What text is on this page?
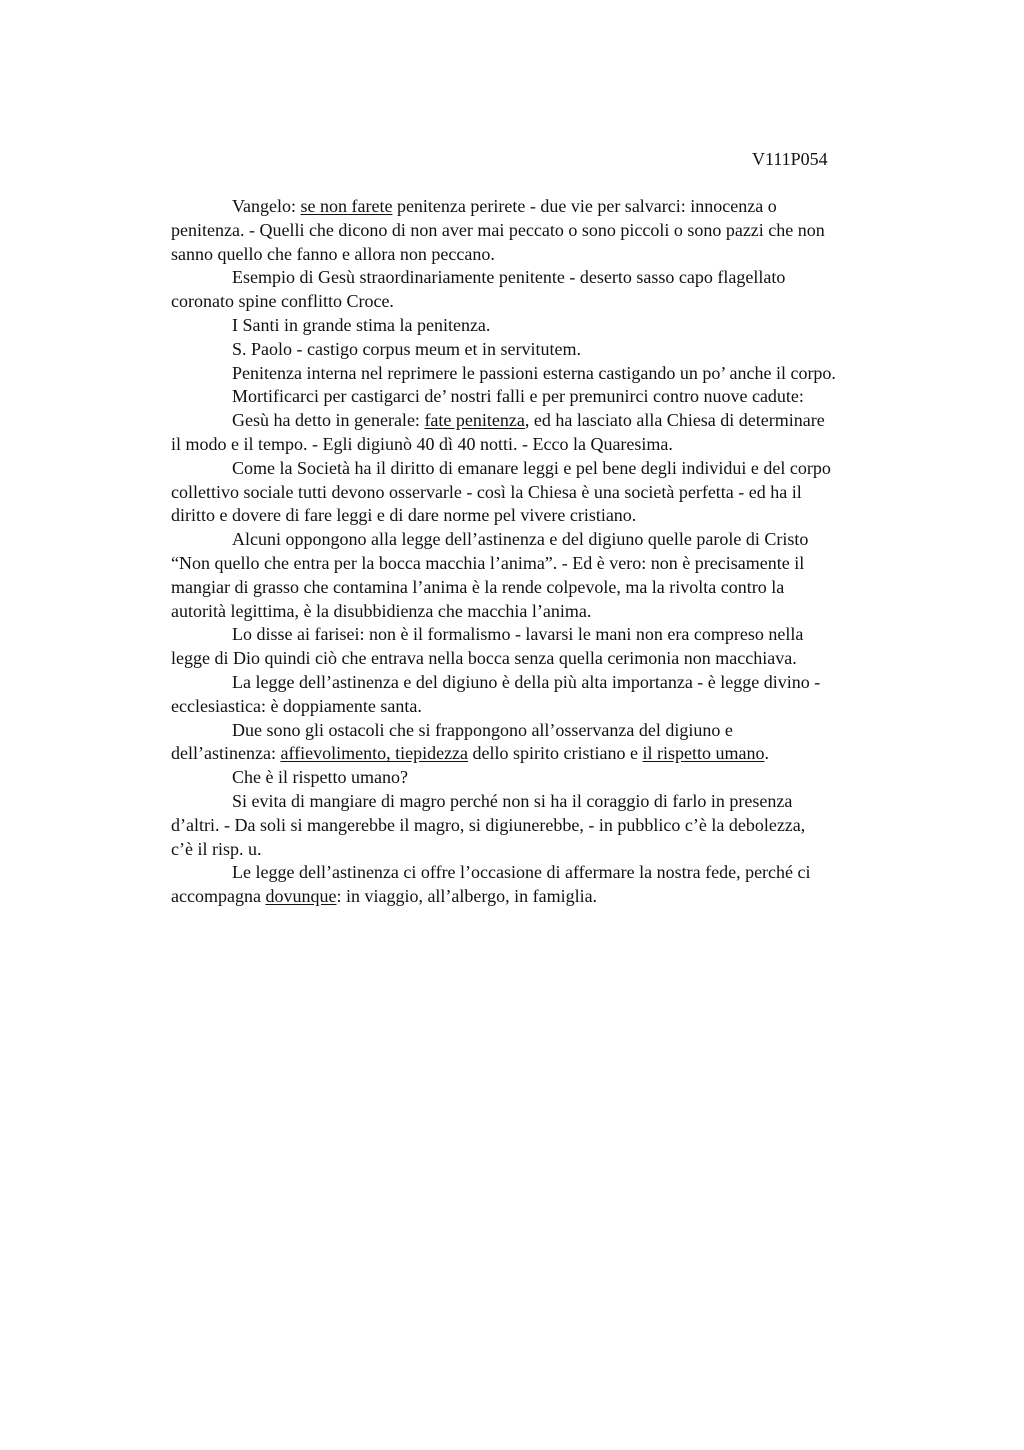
V111P054

Vangelo: se non farete penitenza perirete - due vie per salvarci: innocenza o
penitenza. - Quelli che dicono di non aver mai peccato o sono piccoli o sono pazzi che non
sanno quello che fanno e allora non peccano.

Esempio di Gesù straordinariamente penitente - deserto sasso capo flagellato
coronato spine conflitto Croce.

I Santi in grande stima la penitenza.

S. Paolo - castigo corpus meum et in servitutem.

Penitenza interna nel reprimere le passioni esterna castigando un po’ anche il corpo.

Mortificarci per castigarci de’ nostri falli e per premunirci contro nuove cadute:

Gesù ha detto in generale: fate penitenza, ed ha lasciato alla Chiesa di determinare
il modo e il tempo. - Egli digiunò 40 dì 40 notti. - Ecco la Quaresima.

Come la Società ha il diritto di emanare leggi e pel bene degli individui e del corpo
collettivo sociale tutti devono osservarle - così la Chiesa è una società perfetta - ed ha il
diritto e dovere di fare leggi e di dare norme pel vivere cristiano.

Alcuni oppongono alla legge dell’astinenza e del digiuno quelle parole di Cristo
“Non quello che entra per la bocca macchia l’anima”. - Ed è vero: non è precisamente il
mangiar di grasso che contamina l’anima è la rende colpevole, ma la rivolta contro la
autorità legittima, è la disubbidienza che macchia l’anima.

Lo disse ai farisei: non è il formalismo - lavarsi le mani non era compreso nella
legge di Dio quindi ciò che entrava nella bocca senza quella cerimonia non macchiava.

La legge dell’astinenza e del digiuno è della più alta importanza - è legge divino -
ecclesiastica: è doppiamente santa.

Due sono gli ostacoli che si frappongono all’osservanza del digiuno e
dell’astinenza: affievolimento, tiepidezza dello spirito cristiano e il rispetto umano.

Che è il rispetto umano?

Si evita di mangiare di magro perché non si ha il coraggio di farlo in presenza
d’altri. - Da soli si mangerebbe il magro, si digiunerebbe, - in pubblico c’è la debolezza,
c’è il risp. u.

Le legge dell’astinenza ci offre l’occasione di affermare la nostra fede, perché ci
accompagna dovunque: in viaggio, all’albergo, in famiglia.
